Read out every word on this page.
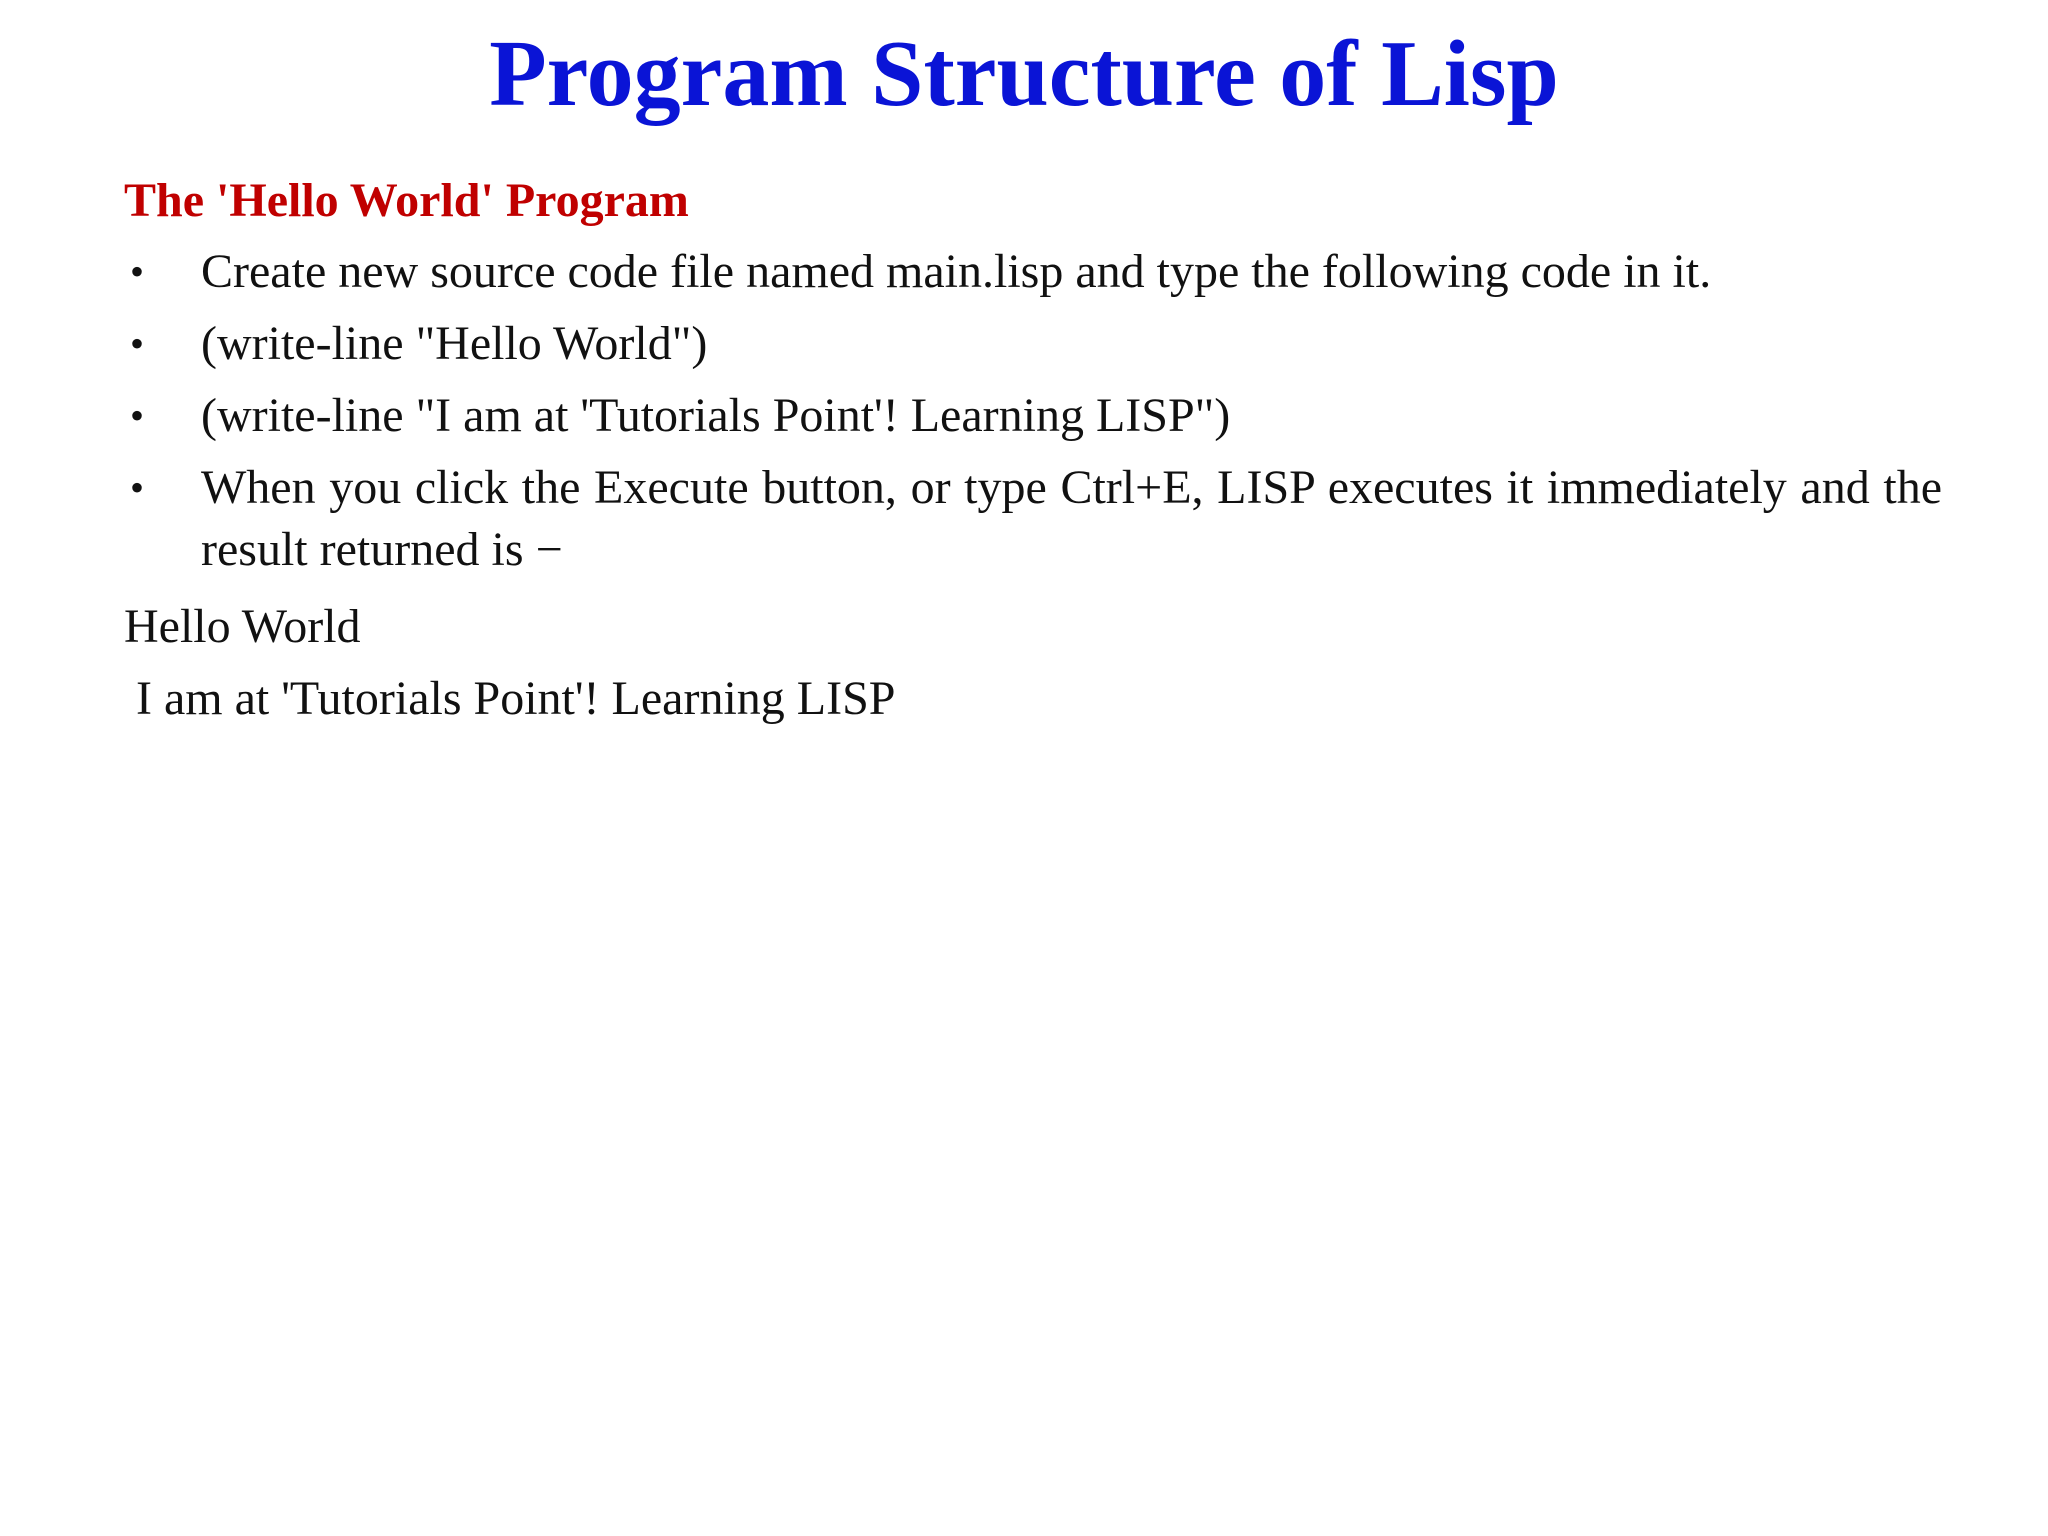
Program Structure of Lisp
The 'Hello World' Program
• Create new source code file named main.lisp and type the following code in it.
• (write-line "Hello World")
• (write-line "I am at 'Tutorials Point'! Learning LISP")
• When you click the Execute button, or type Ctrl+E, LISP executes it immediately and the result returned is −
Hello World
I am at 'Tutorials Point'! Learning LISP
